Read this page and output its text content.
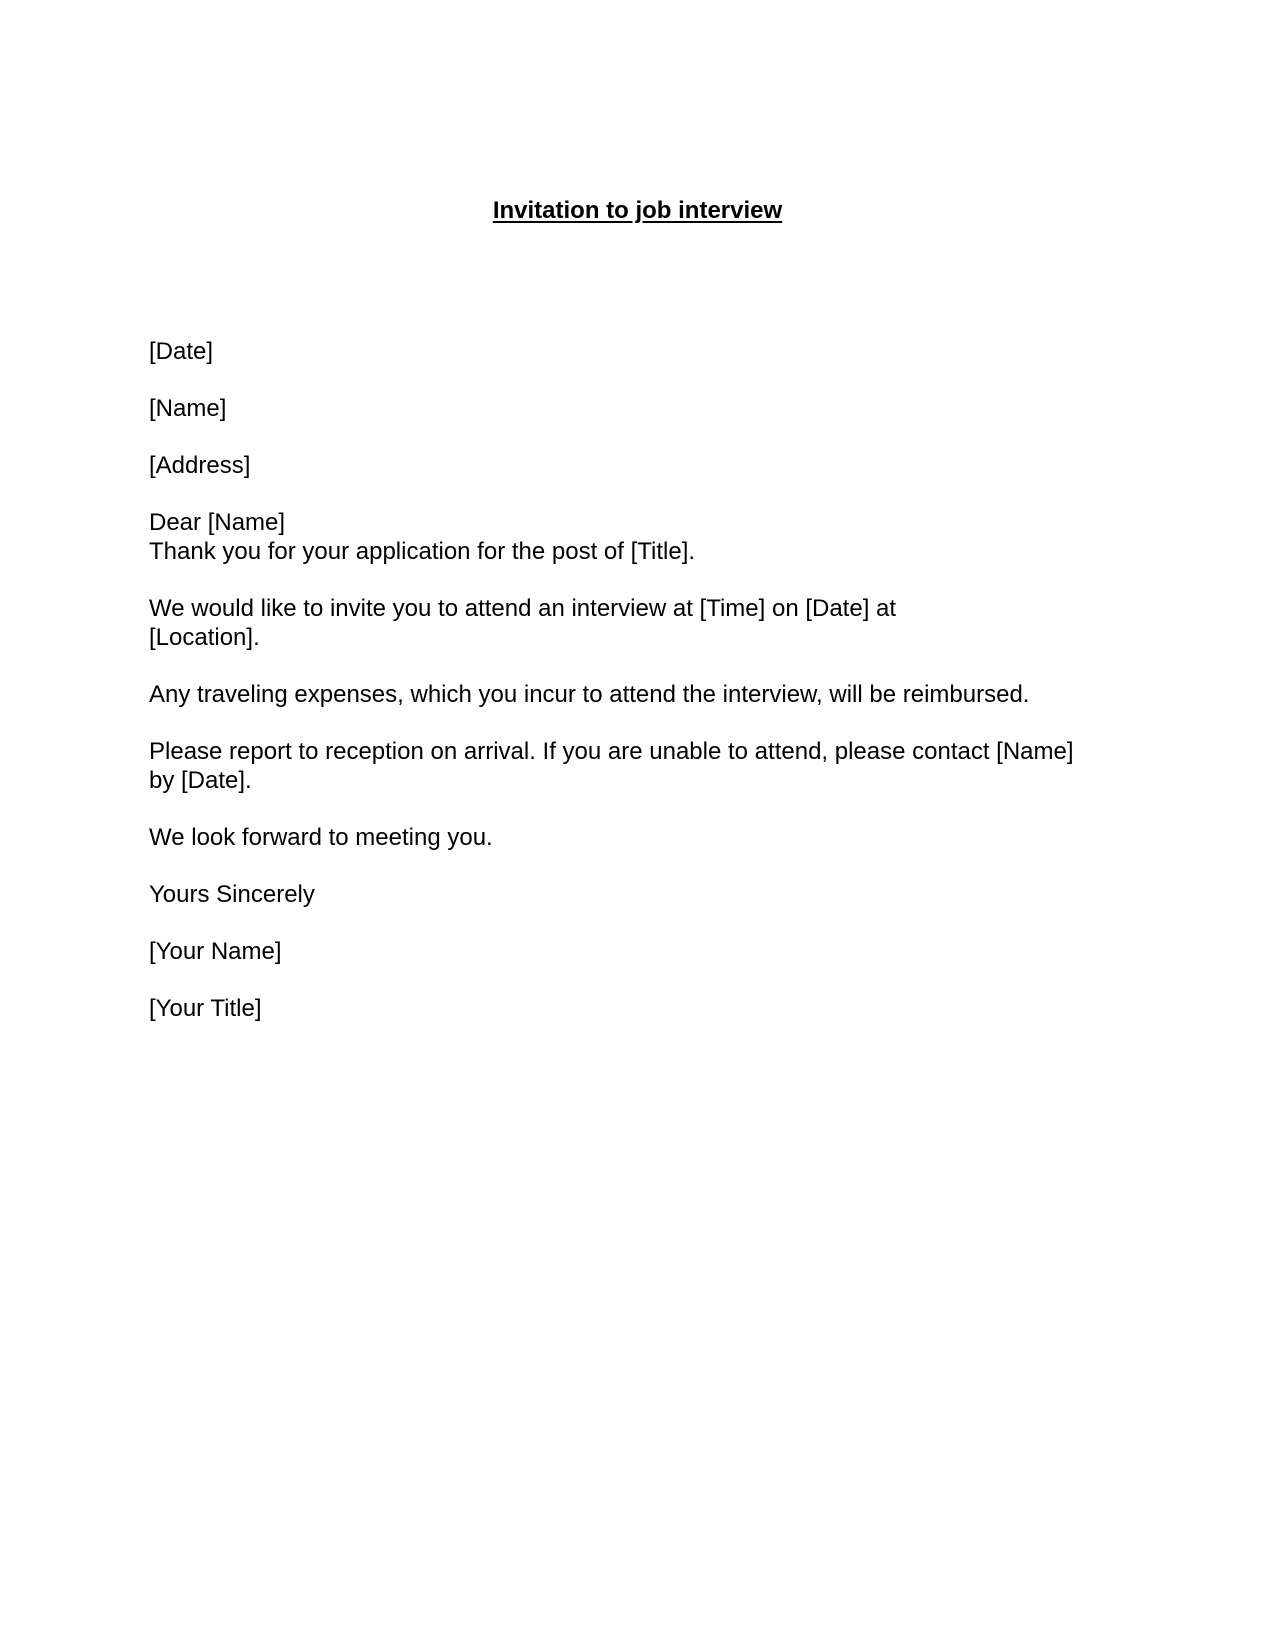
Invitation to job interview

[Date]

[Name]

[Address]

Dear [Name]

Thank you for your application for the post of [Title].

We would like to invite you to attend an interview at [Time] on [Date] at

[Location].

Any traveling expenses, which you incur to attend the interview, will be reimbursed.

Please report to reception on arrival. If you are unable to attend, please contact [Name]

by [Date].

We look forward to meeting you.

Yours Sincerely

[Your Name]

[Your Title]
